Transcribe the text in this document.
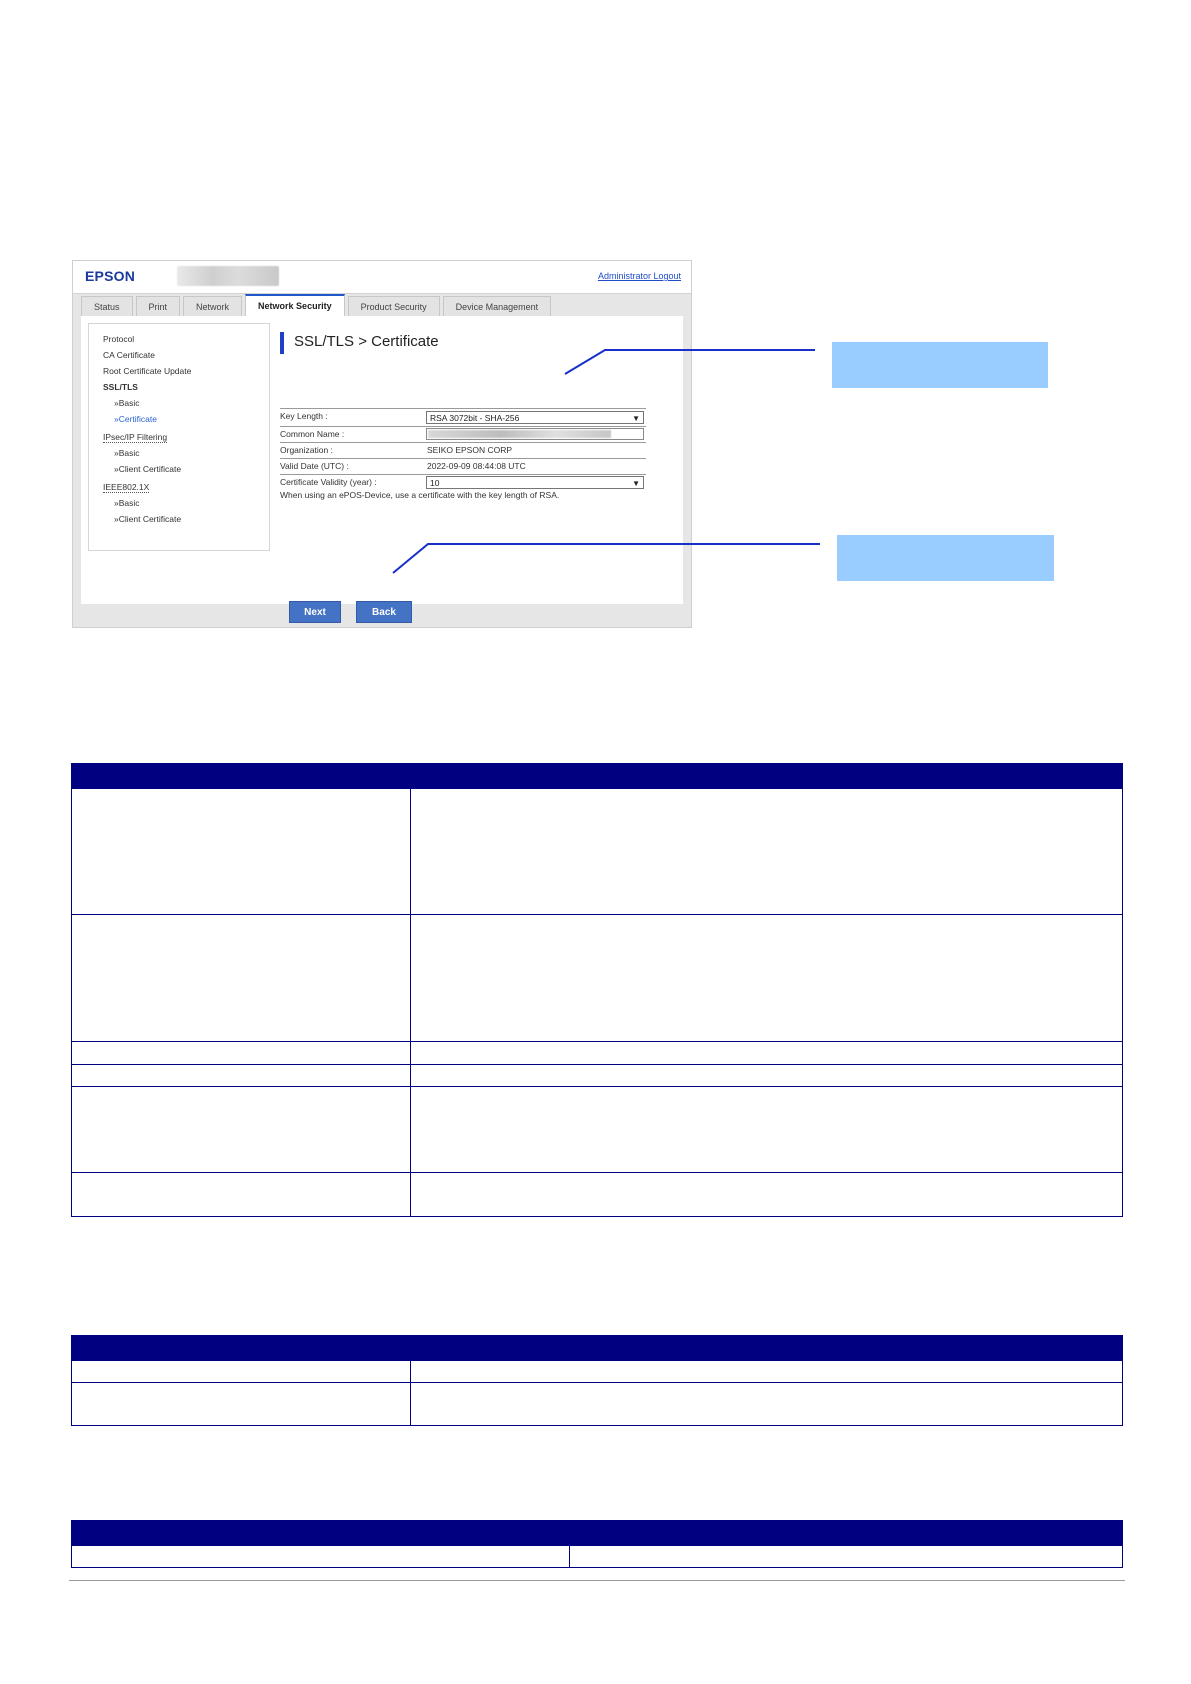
EPSON	Administrator Logout
Status	Print	Network	Network Security	Product Security	Device Management
Protocol
CA Certificate
Root Certificate Update
SSL/TLS
»Basic
»Certificate
IPsec/IP Filtering
»Basic
»Client Certificate
IEEE802.1X
»Basic
»Client Certificate
SSL/TLS > Certificate
Key Length :	RSA 3072bit - SHA-256	▼
Common Name :
Organization :	SEIKO EPSON CORP
Valid Date (UTC) :	2022-09-09 08:44:08 UTC
Certificate Validity (year) :	10	▼
When using an ePOS-Device, use a certificate with the key length of RSA.
Next	Back
